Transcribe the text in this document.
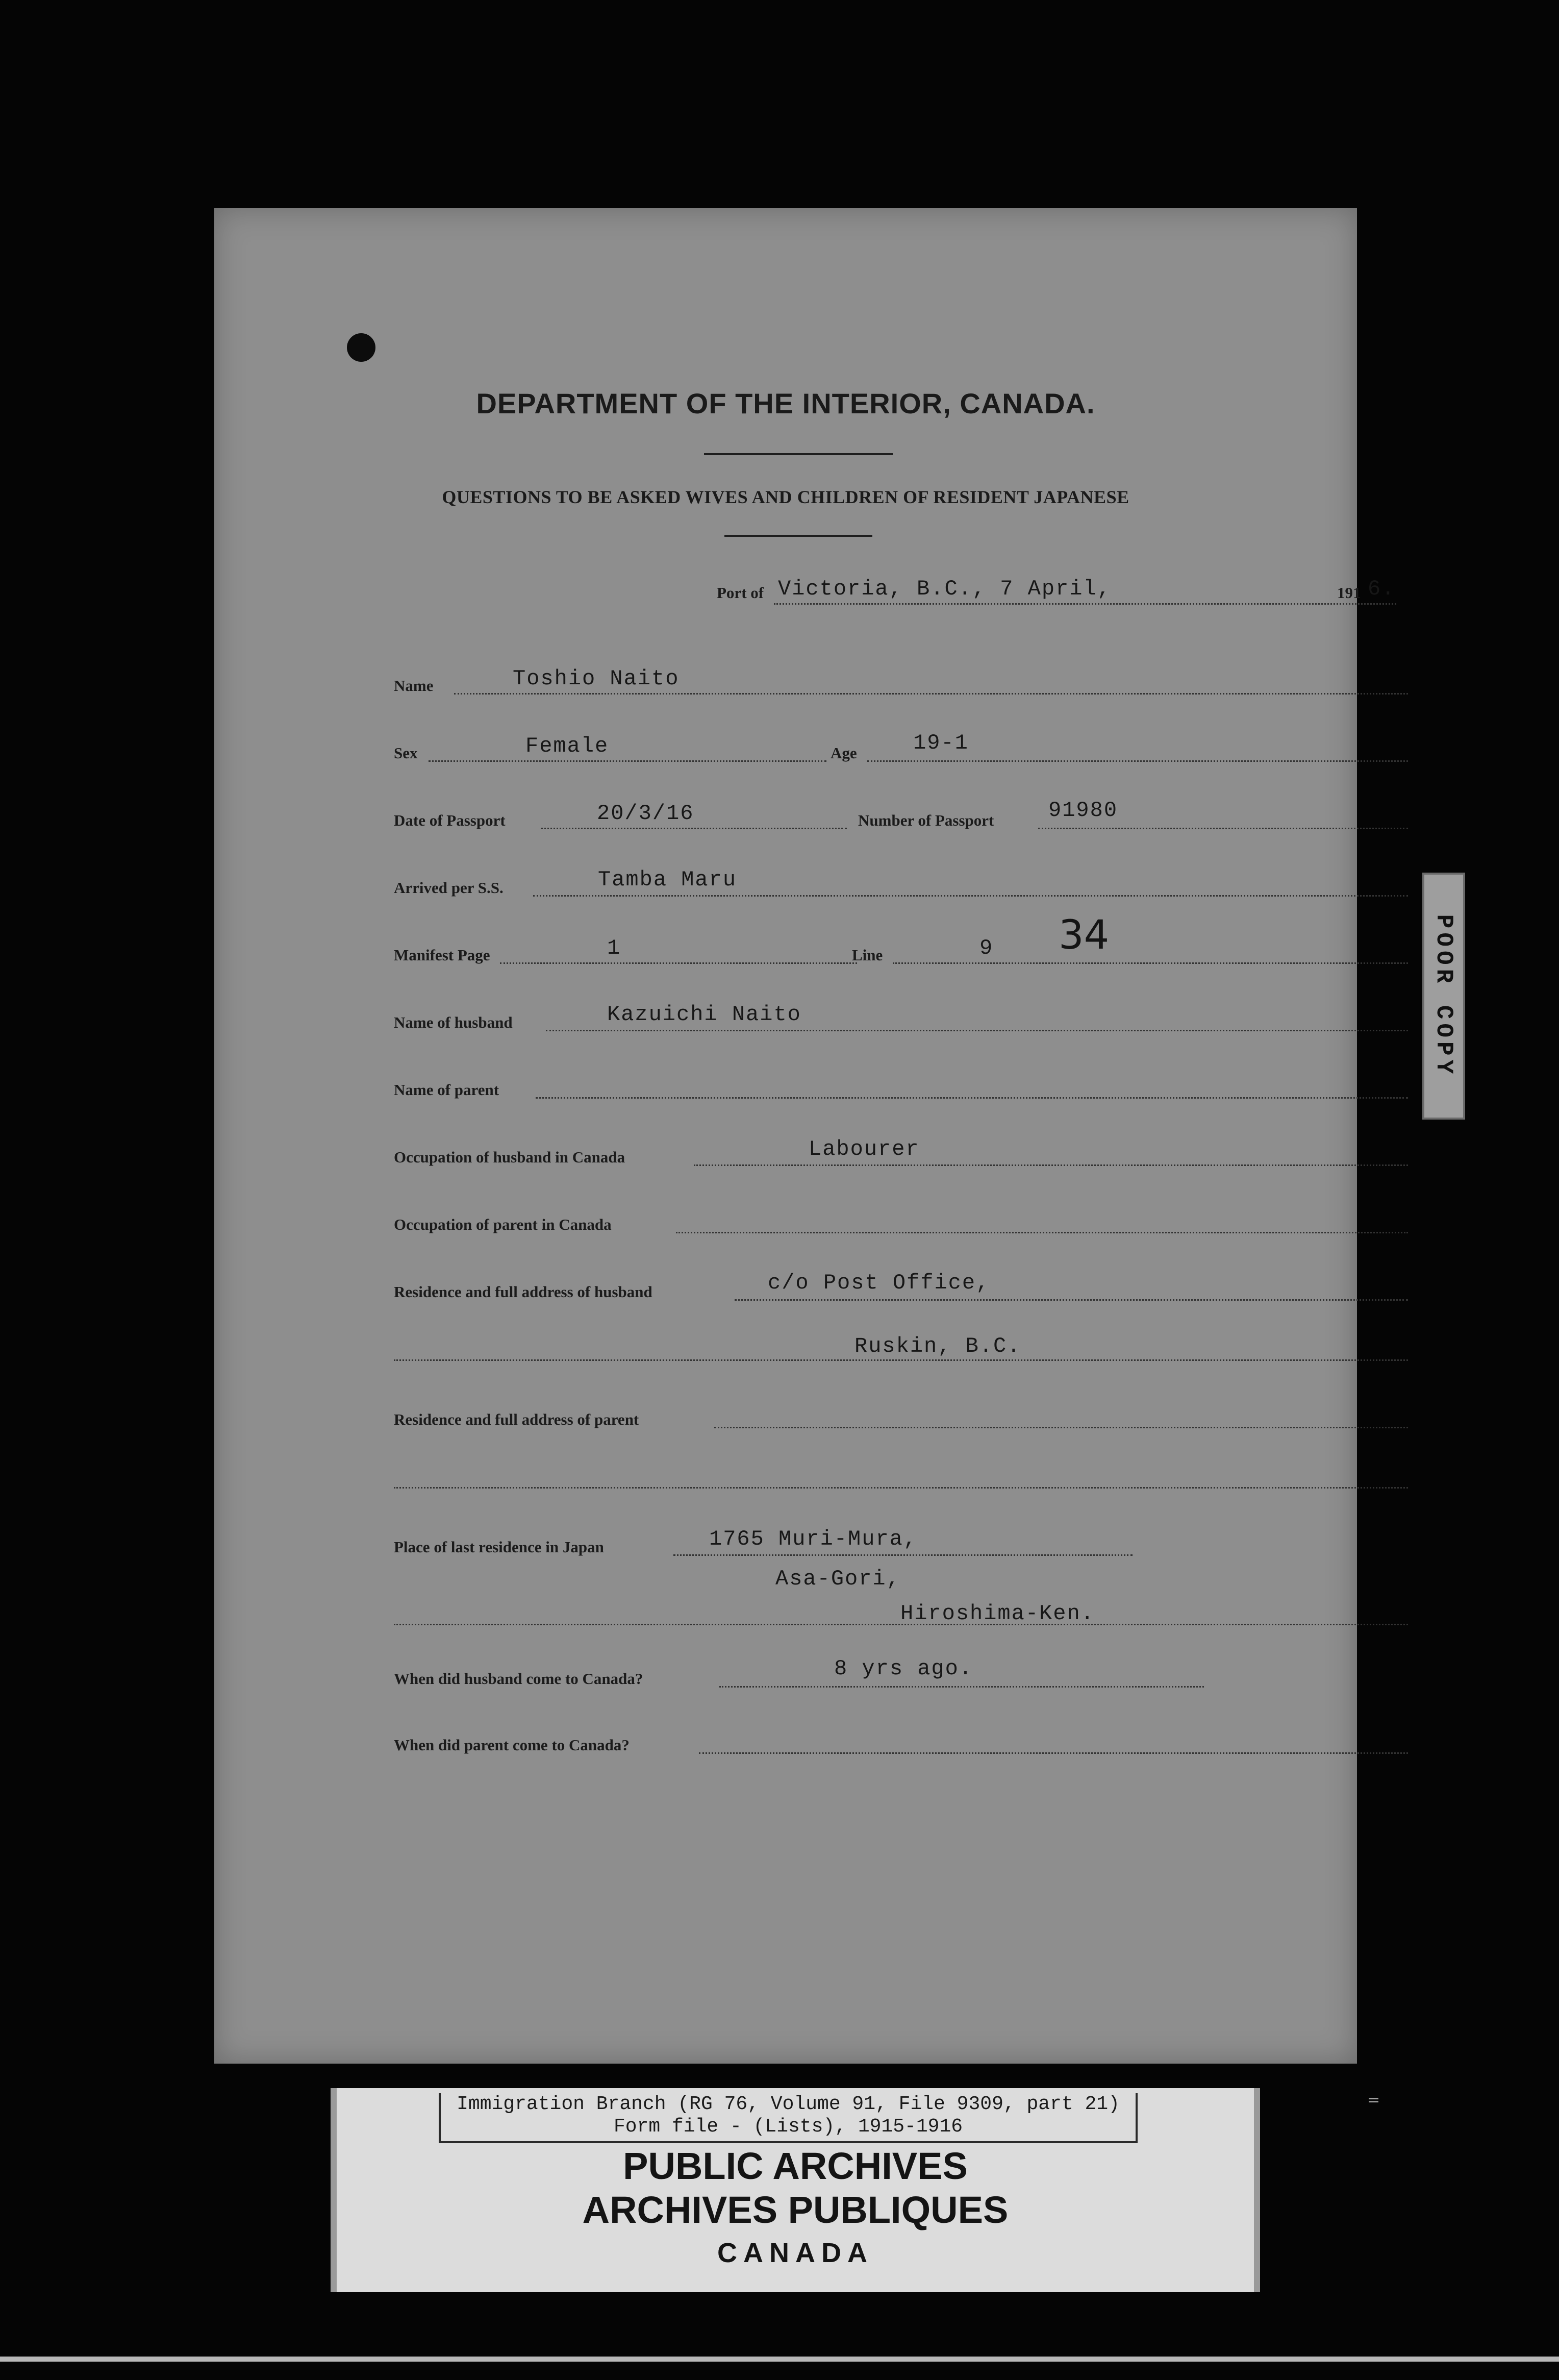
DEPARTMENT OF THE INTERIOR, CANADA.
QUESTIONS TO BE ASKED WIVES AND CHILDREN OF RESIDENT JAPANESE
Port of Victoria, B.C., 7 April,	191 6.
Name	Toshio Naito
Sex	Female	Age	19-1
Date of Passport	20/3/16	Number of Passport	91980
Arrived per S.S.	Tamba Maru
Manifest Page	1	Line	9 34
Name of husband	Kazuichi Naito
Name of parent
Occupation of husband in Canada	Labourer
Occupation of parent in Canada
Residence and full address of husband	c/o Post Office,
Ruskin, B.C.
Residence and full address of parent
Place of last residence in Japan	1765 Muri-Mura,
Asa-Gori,
Hiroshima-Ken.
When did husband come to Canada?	8 yrs ago.
When did parent come to Canada?
POOR COPY
Immigration Branch (RG 76, Volume 91, File 9309, part 21)
Form file - (Lists), 1915-1916
=
PUBLIC ARCHIVES
ARCHIVES PUBLIQUES
CANADA
